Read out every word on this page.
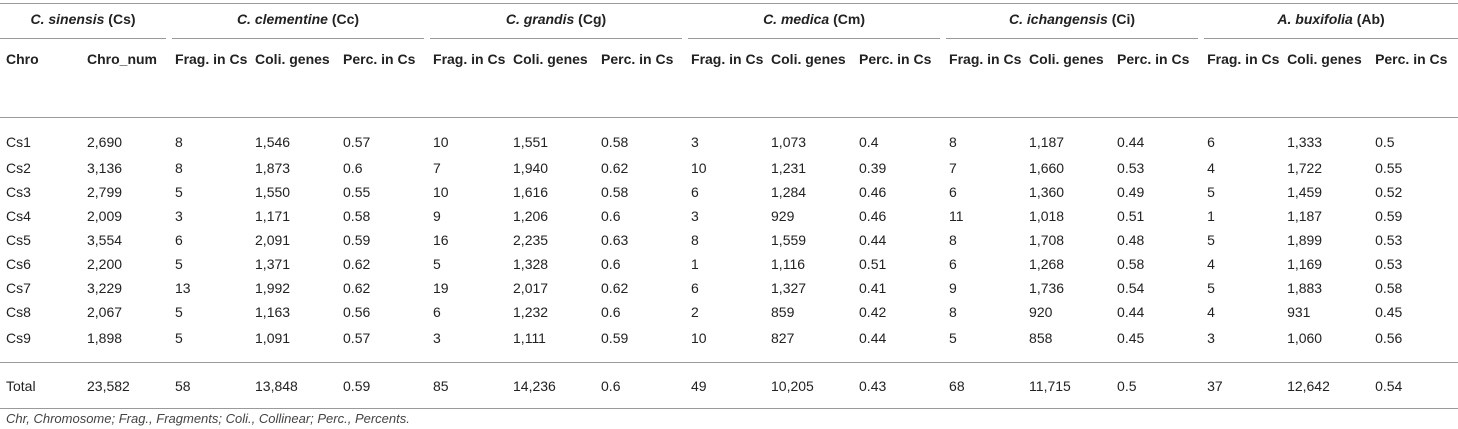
C. sinensis (Cs)		C. clementine (Cc)			C. grandis (Cg)			C. medica (Cm)			C. ichangensis (Ci)			A. buxifolia (Ab)		

Chro	Chro_num	Frag. in Cs	Coli. genes	Perc. in Cs	Frag. in Cs	Coli. genes	Perc. in Cs	Frag. in Cs	Coli. genes	Perc. in Cs	Frag. in Cs	Coli. genes	Perc. in Cs	Frag. in Cs	Coli. genes	Perc. in Cs
Cs1	2,690	8	1,546	0.57	10	1,551	0.58	3	1,073	0.4	8	1,187	0.44	6	1,333	0.5
Cs2	3,136	8	1,873	0.6	7	1,940	0.62	10	1,231	0.39	7	1,660	0.53	4	1,722	0.55
Cs3	2,799	5	1,550	0.55	10	1,616	0.58	6	1,284	0.46	6	1,360	0.49	5	1,459	0.52
Cs4	2,009	3	1,171	0.58	9	1,206	0.6	3	929	0.46	11	1,018	0.51	1	1,187	0.59
Cs5	3,554	6	2,091	0.59	16	2,235	0.63	8	1,559	0.44	8	1,708	0.48	5	1,899	0.53
Cs6	2,200	5	1,371	0.62	5	1,328	0.6	1	1,116	0.51	6	1,268	0.58	4	1,169	0.53
Cs7	3,229	13	1,992	0.62	19	2,017	0.62	6	1,327	0.41	9	1,736	0.54	5	1,883	0.58
Cs8	2,067	5	1,163	0.56	6	1,232	0.6	2	859	0.42	8	920	0.44	4	931	0.45
Cs9	1,898	5	1,091	0.57	3	1,111	0.59	10	827	0.44	5	858	0.45	3	1,060	0.56
Total	23,582	58	13,848	0.59	85	14,236	0.6	49	10,205	0.43	68	11,715	0.5	37	12,642	0.54
Chr, Chromosome; Frag., Fragments; Coli., Collinear; Perc., Percents.
